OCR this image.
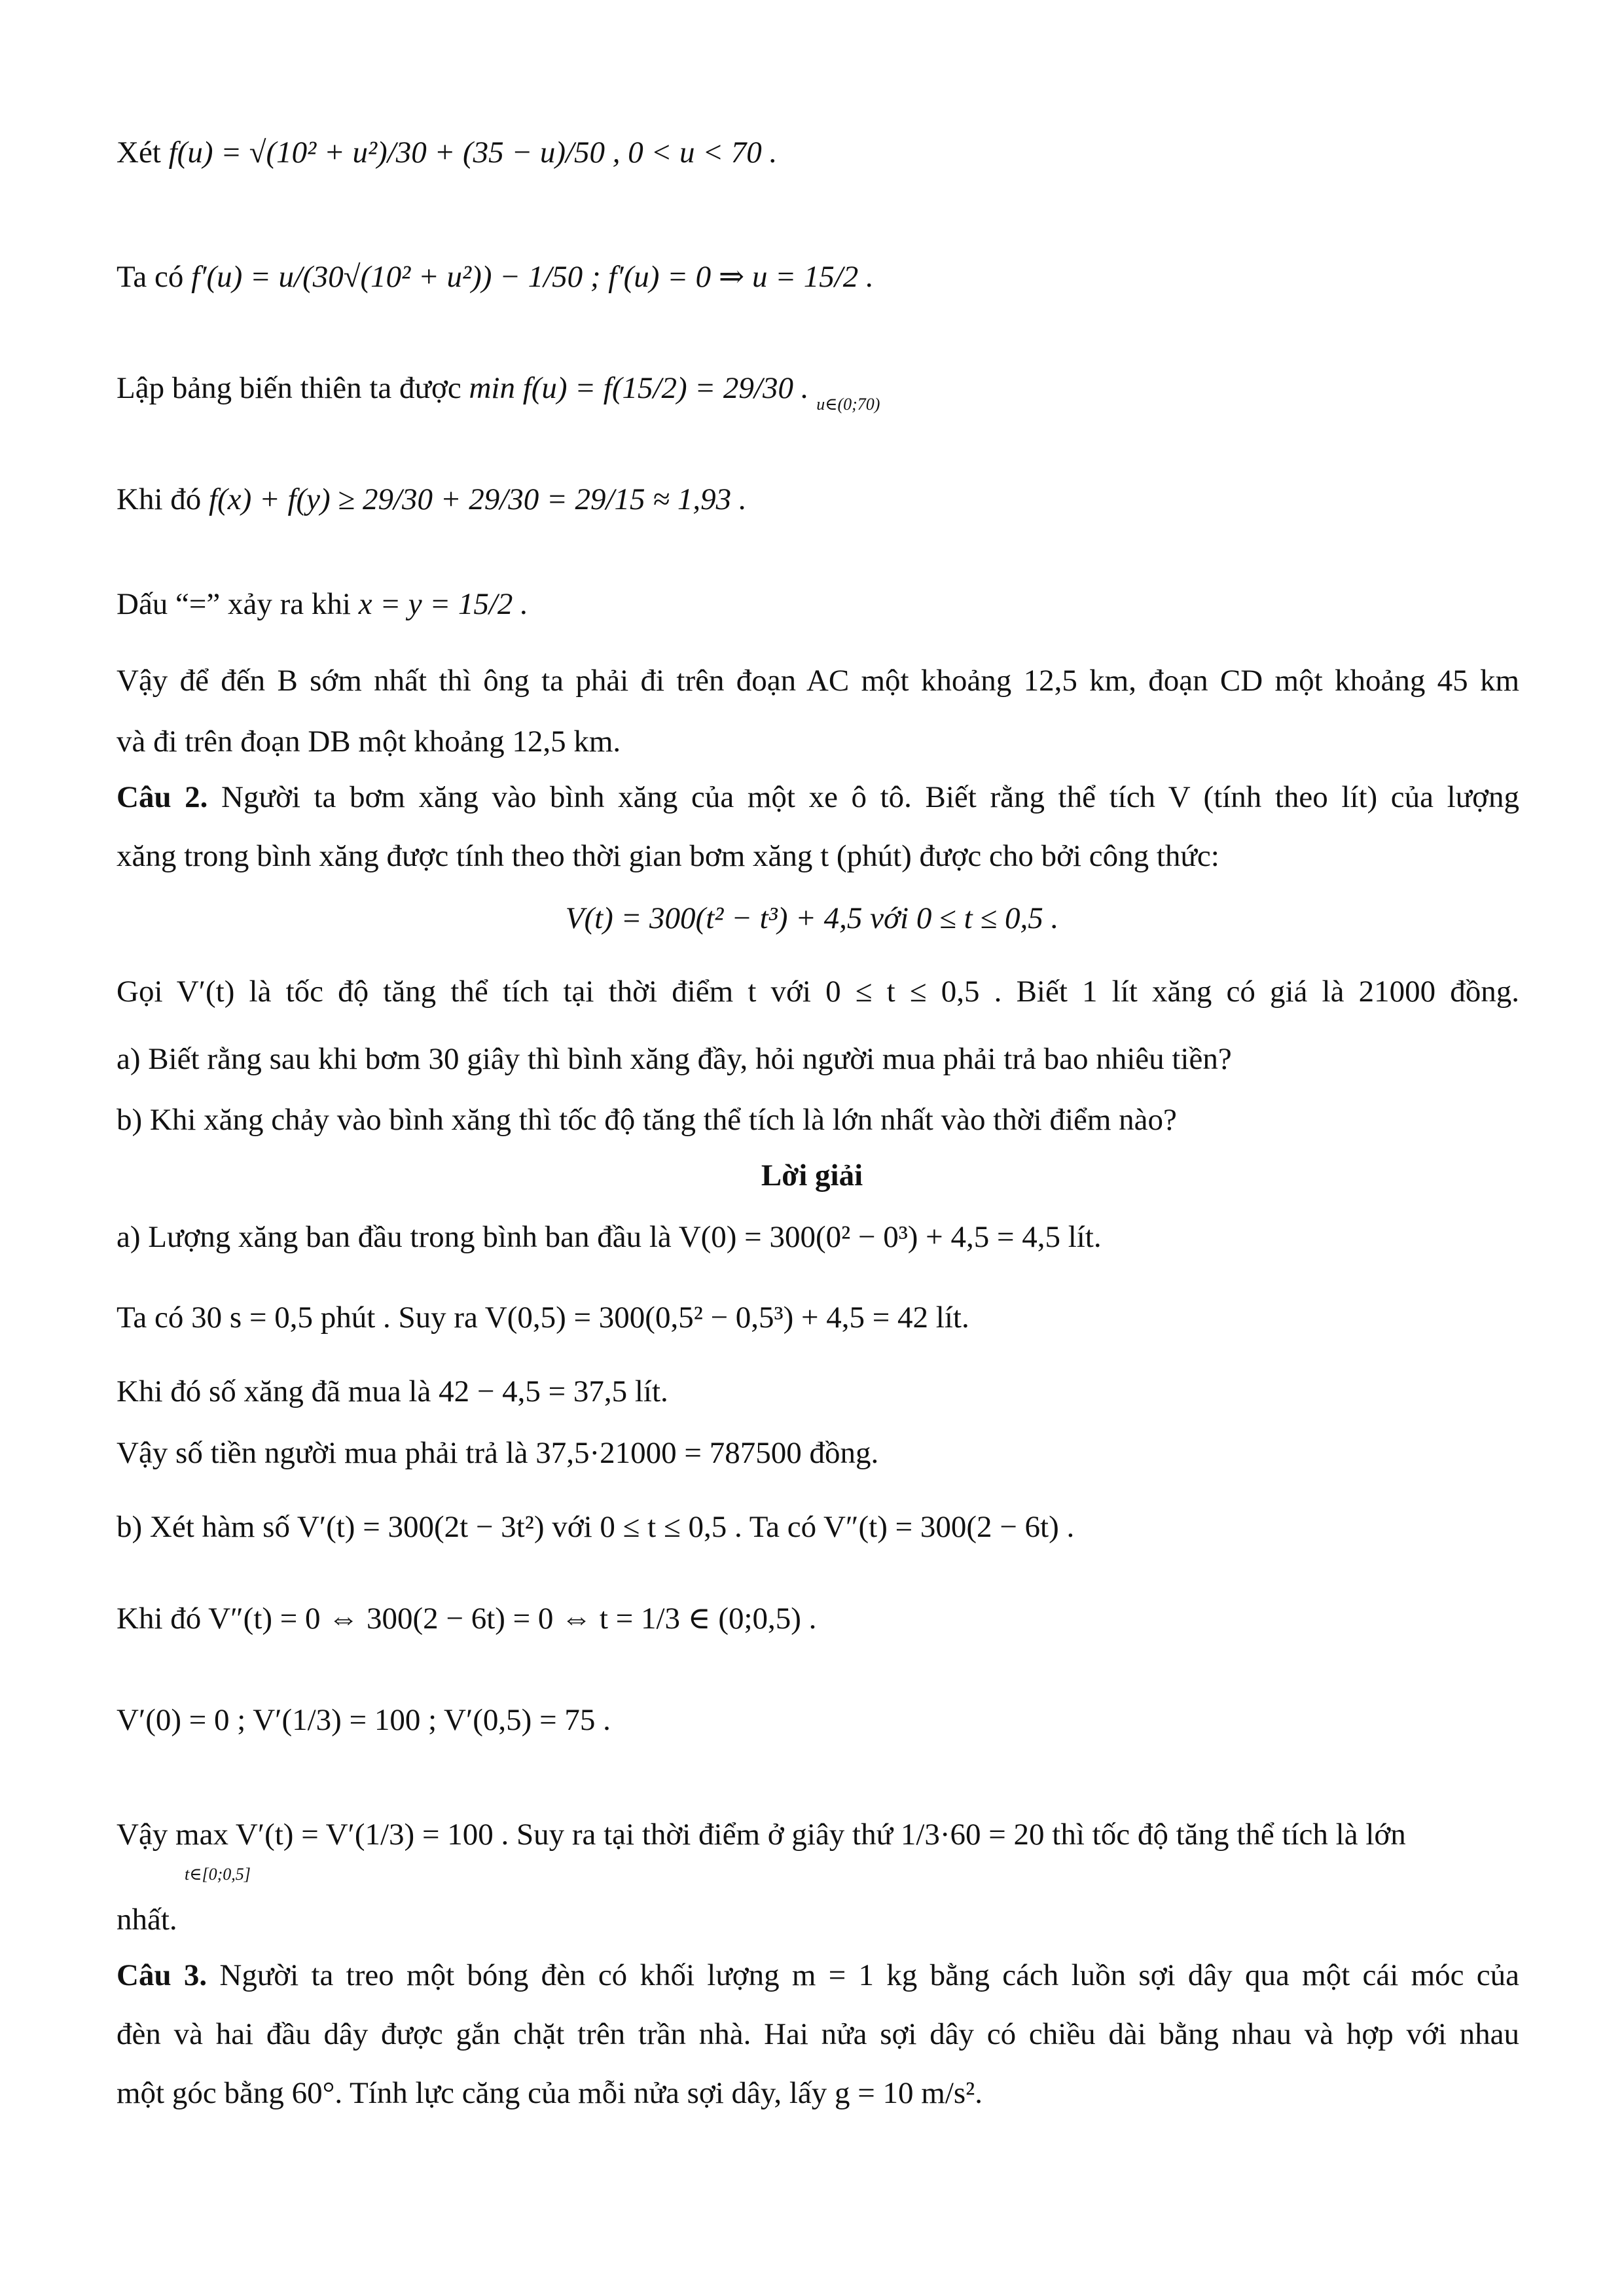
Xét f(u) = √(10² + u²)/30 + (35 − u)/50 , 0 < u < 70 .
Ta có f′(u) = u/(30√(10² + u²)) − 1/50 ; f′(u) = 0 ⇒ u = 15/2 .
Lập bảng biến thiên ta được min f(u) = f(15/2) = 29/30 . $_{u\in(0;70)}$
Khi đó f(x) + f(y) ≥ 29/30 + 29/30 = 29/15 ≈ 1,93 .
Dấu “=” xảy ra khi x = y = 15/2 .
Vậy để đến B sớm nhất thì ông ta phải đi trên đoạn AC một khoảng 12,5 km, đoạn CD một khoảng 45 km
và đi trên đoạn DB một khoảng 12,5 km.
Câu 2. Người ta bơm xăng vào bình xăng của một xe ô tô. Biết rằng thể tích V (tính theo lít) của lượng
xăng trong bình xăng được tính theo thời gian bơm xăng t (phút) được cho bởi công thức:
V(t) = 300(t² − t³) + 4,5 với 0 ≤ t ≤ 0,5 .
Gọi V′(t) là tốc độ tăng thể tích tại thời điểm t với 0 ≤ t ≤ 0,5 . Biết 1 lít xăng có giá là 21000 đồng.
a) Biết rằng sau khi bơm 30 giây thì bình xăng đầy, hỏi người mua phải trả bao nhiêu tiền?
b) Khi xăng chảy vào bình xăng thì tốc độ tăng thể tích là lớn nhất vào thời điểm nào?
Lời giải
a) Lượng xăng ban đầu trong bình ban đầu là V(0) = 300(0² − 0³) + 4,5 = 4,5 lít.
Ta có 30 s = 0,5 phút . Suy ra V(0,5) = 300(0,5² − 0,5³) + 4,5 = 42 lít.
Khi đó số xăng đã mua là 42 − 4,5 = 37,5 lít.
Vậy số tiền người mua phải trả là 37,5·21000 = 787500 đồng.
b) Xét hàm số V′(t) = 300(2t − 3t²) với 0 ≤ t ≤ 0,5 . Ta có V″(t) = 300(2 − 6t) .
Khi đó V″(t) = 0 ⇔ 300(2 − 6t) = 0 ⇔ t = 1/3 ∈ (0;0,5) .
V′(0) = 0 ; V′(1/3) = 100 ; V′(0,5) = 75 .
Vậy max V′(t) = V′(1/3) = 100 . Suy ra tại thời điểm ở giây thứ 1/3·60 = 20 thì tốc độ tăng thể tích là lớn
t∈[0;0,5]
nhất.
Câu 3. Người ta treo một bóng đèn có khối lượng m = 1 kg bằng cách luồn sợi dây qua một cái móc của
đèn và hai đầu dây được gắn chặt trên trần nhà. Hai nửa sợi dây có chiều dài bằng nhau và hợp với nhau
một góc bằng 60°. Tính lực căng của mỗi nửa sợi dây, lấy g = 10 m/s².
